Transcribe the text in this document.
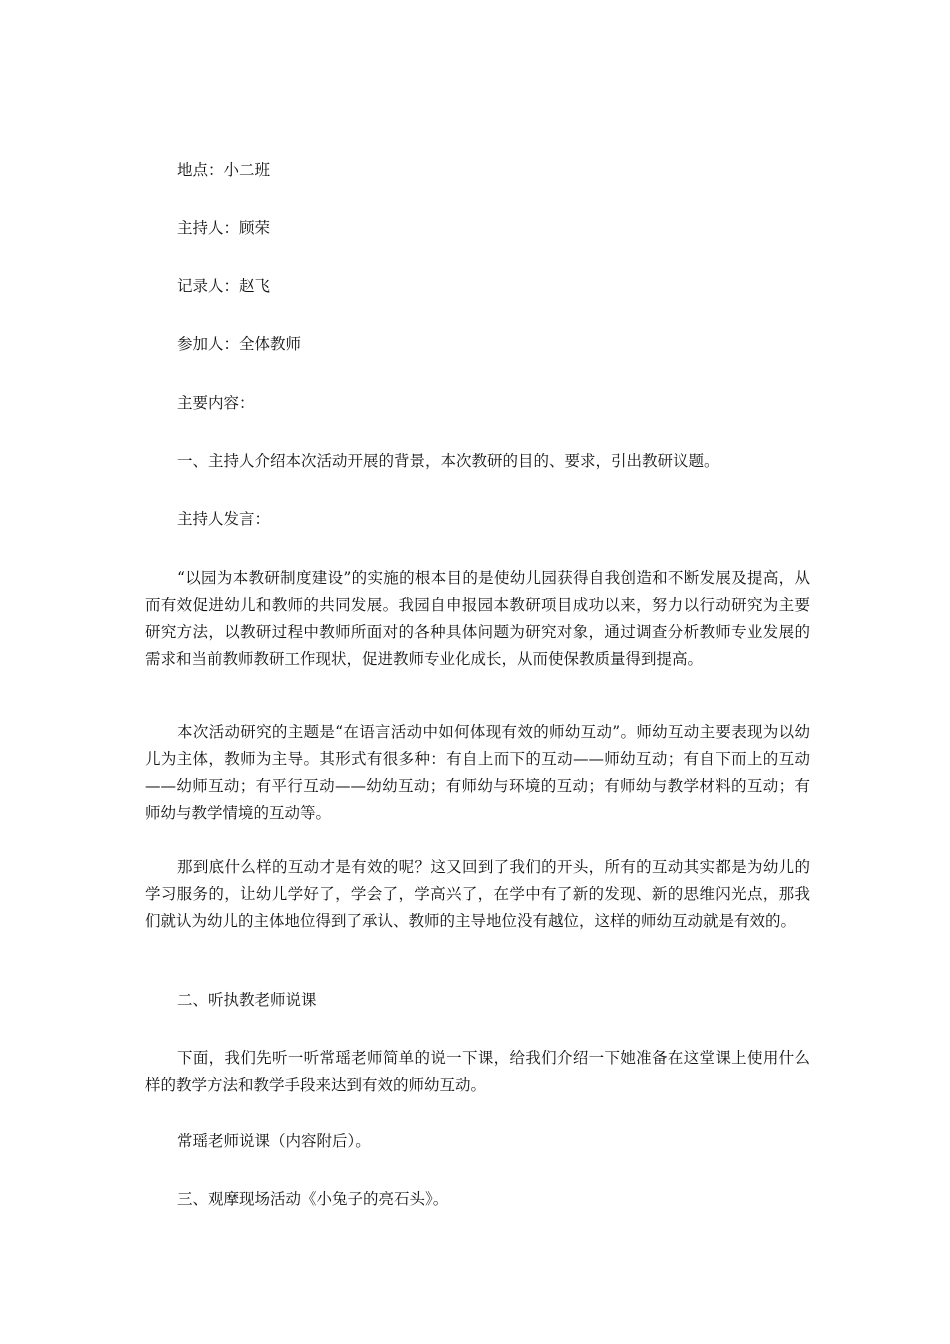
地点：小二班

主持人：顾荣

记录人：赵飞

参加人：全体教师

主要内容：

一、主持人介绍本次活动开展的背景，本次教研的目的、要求，引出教研议题。

主持人发言：

“以园为本教研制度建设”的实施的根本目的是使幼儿园获得自我创造和不断发展及提高，从而有效促进幼儿和教师的共同发展。我园自申报园本教研项目成功以来，努力以行动研究为主要研究方法，以教研过程中教师所面对的各种具体问题为研究对象，通过调查分析教师专业发展的需求和当前教师教研工作现状，促进教师专业化成长，从而使保教质量得到提高。

本次活动研究的主题是“在语言活动中如何体现有效的师幼互动”。师幼互动主要表现为以幼儿为主体，教师为主导。其形式有很多种：有自上而下的互动——师幼互动；有自下而上的互动——幼师互动；有平行互动——幼幼互动；有师幼与环境的互动；有师幼与教学材料的互动；有师幼与教学情境的互动等。

那到底什么样的互动才是有效的呢？这又回到了我们的开头，所有的互动其实都是为幼儿的学习服务的，让幼儿学好了，学会了，学高兴了，在学中有了新的发现、新的思维闪光点，那我们就认为幼儿的主体地位得到了承认、教师的主导地位没有越位，这样的师幼互动就是有效的。

二、听执教老师说课

下面，我们先听一听常瑶老师简单的说一下课，给我们介绍一下她准备在这堂课上使用什么样的教学方法和教学手段来达到有效的师幼互动。

常瑶老师说课（内容附后）。

三、观摩现场活动《小兔子的亮石头》。
